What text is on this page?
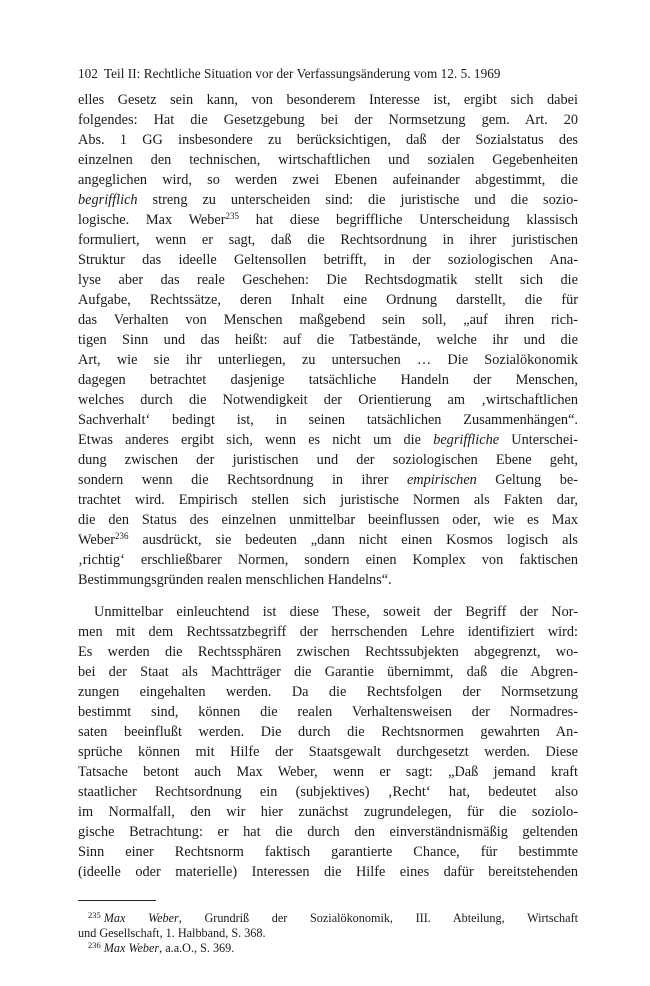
102 Teil II: Rechtliche Situation vor der Verfassungsänderung vom 12. 5. 1969
elles Gesetz sein kann, von besonderem Interesse ist, ergibt sich dabei
folgendes: Hat die Gesetzgebung bei der Normsetzung gem. Art. 20
Abs. 1 GG insbesondere zu berücksichtigen, daß der Sozialstatus des
einzelnen den technischen, wirtschaftlichen und sozialen Gegebenheiten
angeglichen wird, so werden zwei Ebenen aufeinander abgestimmt, die
begrifflich streng zu unterscheiden sind: die juristische und die sozio-
logische. Max Weber$^{235}$ hat diese begriffliche Unterscheidung klassisch
formuliert, wenn er sagt, daß die Rechtsordnung in ihrer juristischen
Struktur das ideelle Geltensollen betrifft, in der soziologischen Ana-
lyse aber das reale Geschehen: Die Rechtsdogmatik stellt sich die
Aufgabe, Rechtssätze, deren Inhalt eine Ordnung darstellt, die für
das Verhalten von Menschen maßgebend sein soll, „auf ihren rich-
tigen Sinn und das heißt: auf die Tatbestände, welche ihr und die
Art, wie sie ihr unterliegen, zu untersuchen … Die Sozialökonomik
dagegen betrachtet dasjenige tatsächliche Handeln der Menschen,
welches durch die Notwendigkeit der Orientierung am ‚wirtschaftlichen
Sachverhalt‘ bedingt ist, in seinen tatsächlichen Zusammenhängen“.
Etwas anderes ergibt sich, wenn es nicht um die begriffliche Unterschei-
dung zwischen der juristischen und der soziologischen Ebene geht,
sondern wenn die Rechtsordnung in ihrer empirischen Geltung be-
trachtet wird. Empirisch stellen sich juristische Normen als Fakten dar,
die den Status des einzelnen unmittelbar beeinflussen oder, wie es Max
Weber$^{236}$ ausdrückt, sie bedeuten „dann nicht einen Kosmos logisch als
‚richtig‘ erschließbarer Normen, sondern einen Komplex von faktischen
Bestimmungsgründen realen menschlichen Handelns“.
Unmittelbar einleuchtend ist diese These, soweit der Begriff der Nor-
men mit dem Rechtssatzbegriff der herrschenden Lehre identifiziert wird:
Es werden die Rechtssphären zwischen Rechtssubjekten abgegrenzt, wo-
bei der Staat als Machtträger die Garantie übernimmt, daß die Abgren-
zungen eingehalten werden. Da die Rechtsfolgen der Normsetzung
bestimmt sind, können die realen Verhaltensweisen der Normadres-
saten beeinflußt werden. Die durch die Rechtsnormen gewahrten An-
sprüche können mit Hilfe der Staatsgewalt durchgesetzt werden. Diese
Tatsache betont auch Max Weber, wenn er sagt: „Daß jemand kraft
staatlicher Rechtsordnung ein (subjektives) ‚Recht‘ hat, bedeutet also
im Normalfall, den wir hier zunächst zugrundelegen, für die soziolo-
gische Betrachtung: er hat die durch den einverständnismäßig geltenden
Sinn einer Rechtsnorm faktisch garantierte Chance, für bestimmte
(ideelle oder materielle) Interessen die Hilfe eines dafür bereitstehenden
$^{235}$ Max Weber, Grundriß der Sozialökonomik, III. Abteilung, Wirtschaft
und Gesellschaft, 1. Halbband, S. 368.
$^{236}$ Max Weber, a.a.O., S. 369.
